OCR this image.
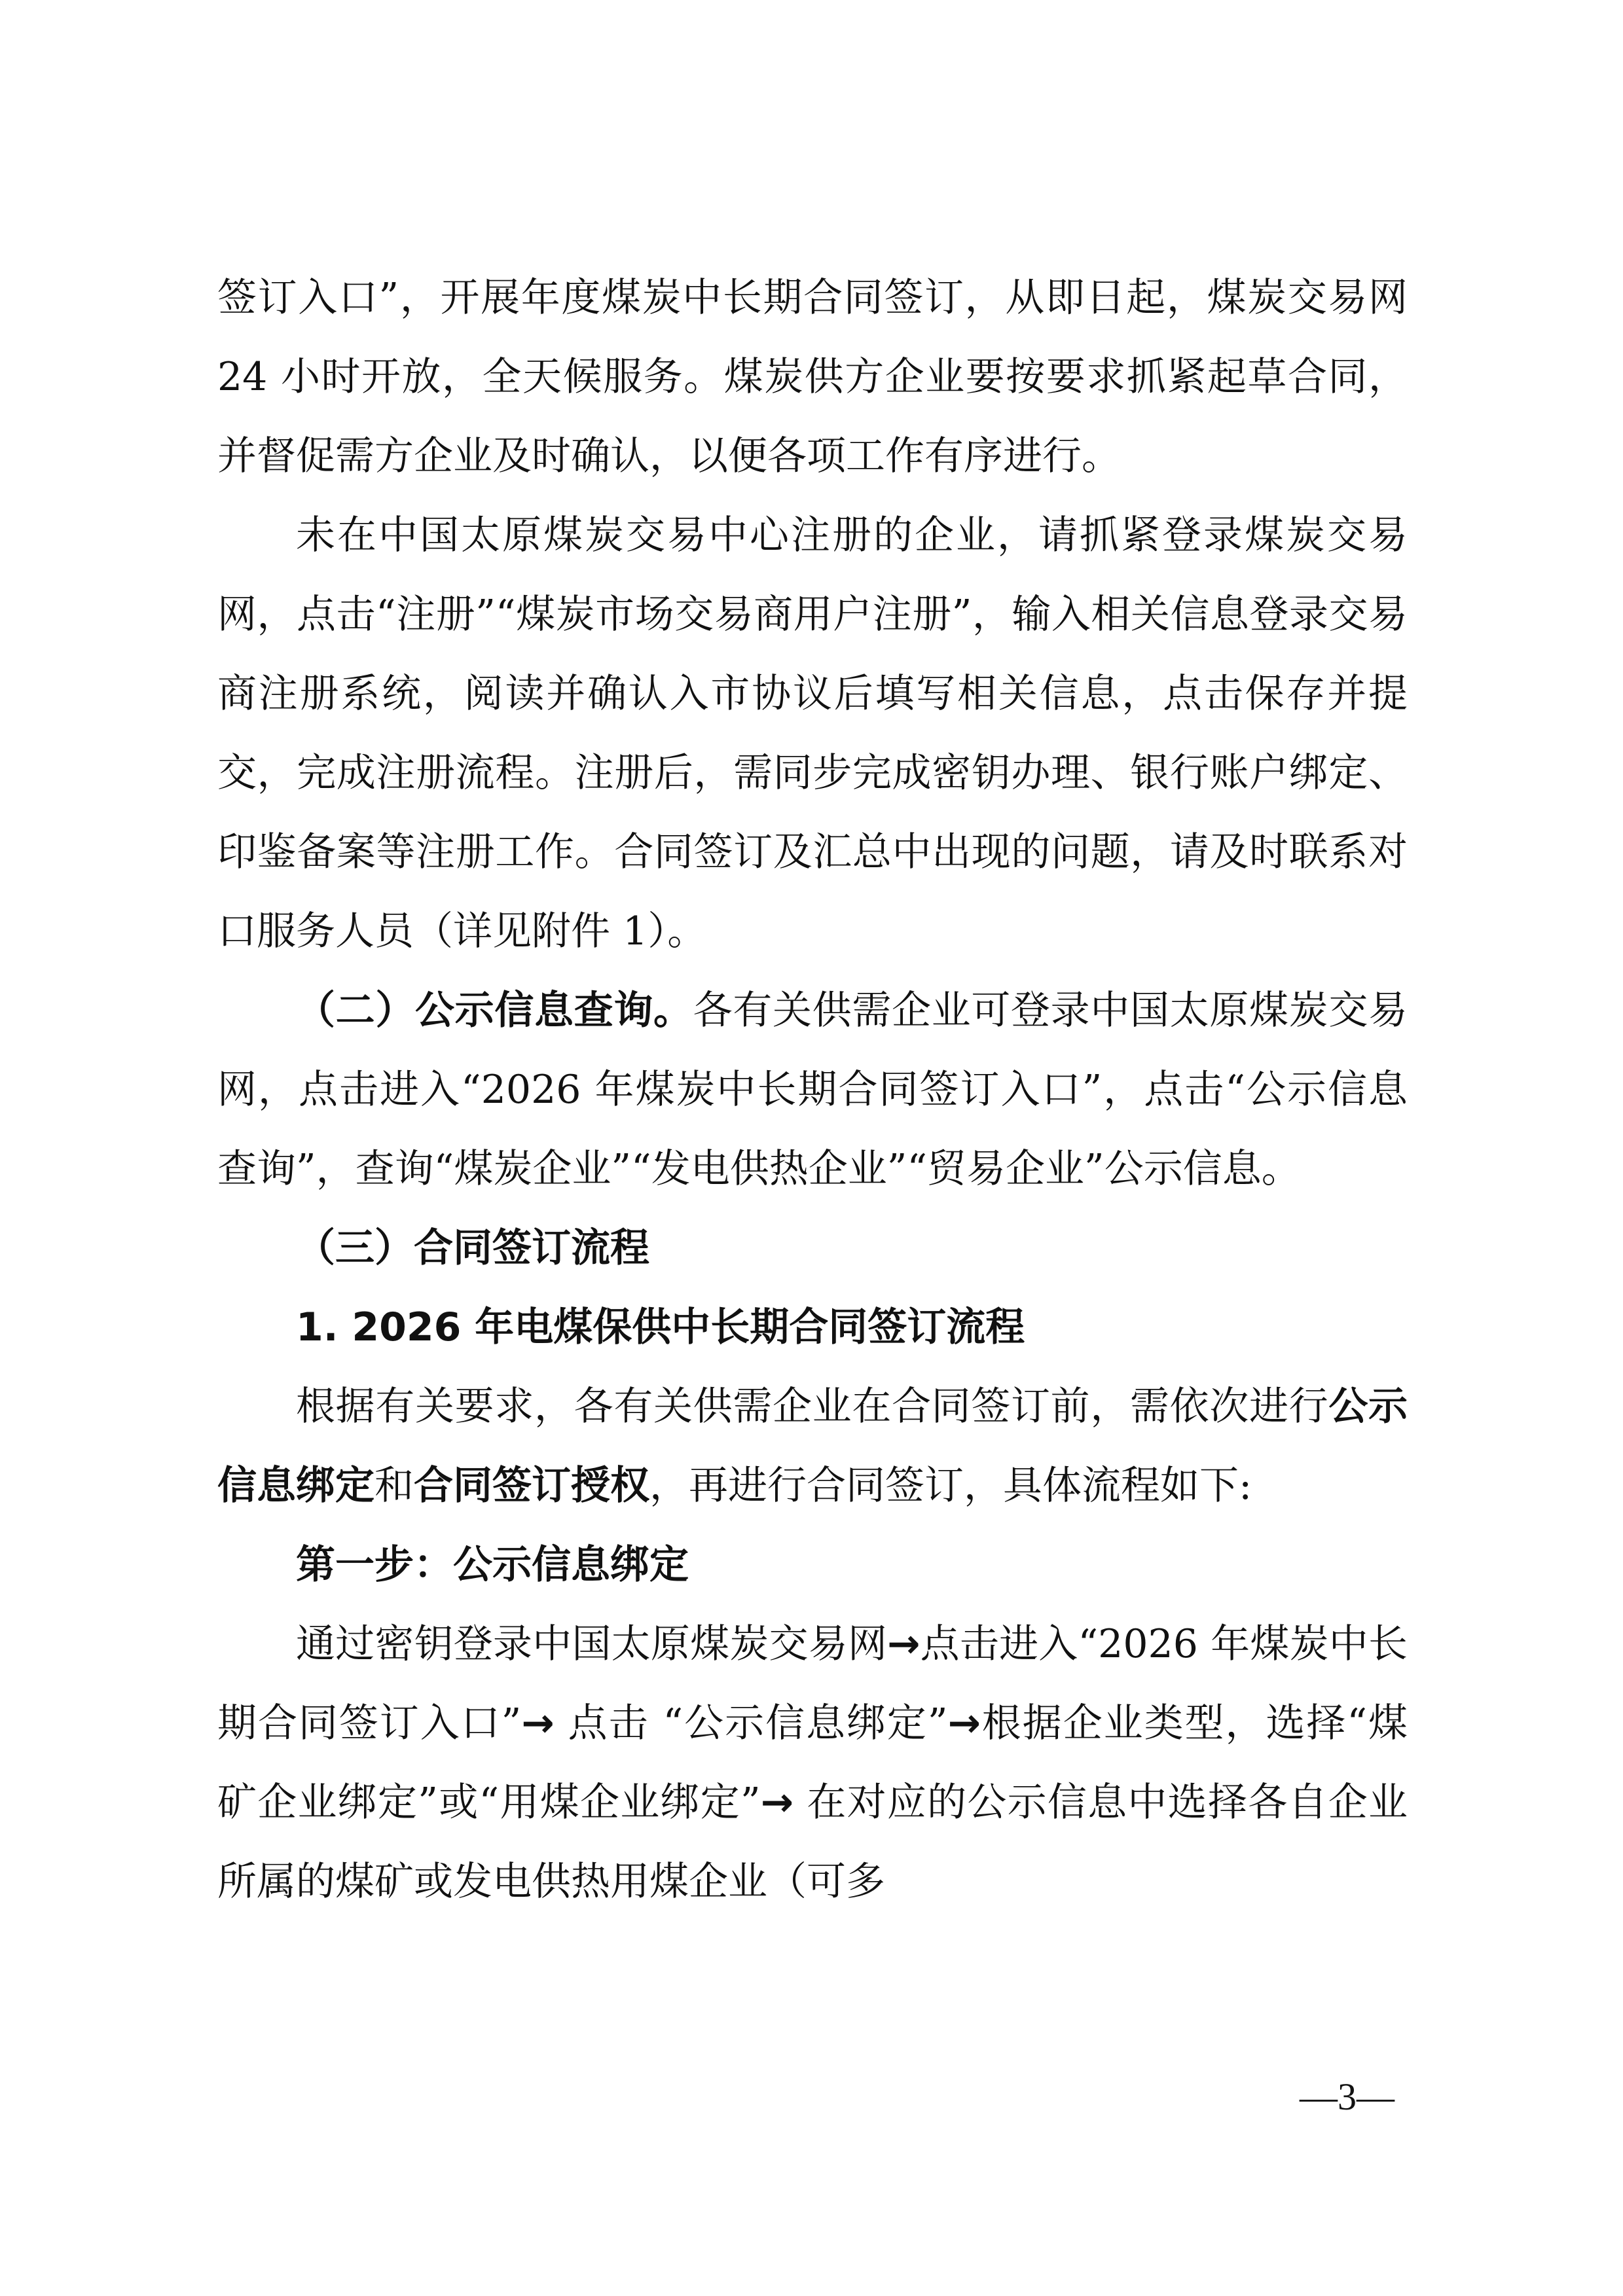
签订入口”，开展年度煤炭中长期合同签订，从即日起，煤炭交易网 24 小时开放，全天候服务。煤炭供方企业要按要求抓紧起草合同，并督促需方企业及时确认，以便各项工作有序进行。

未在中国太原煤炭交易中心注册的企业，请抓紧登录煤炭交易网，点击“注册”“煤炭市场交易商用户注册”，输入相关信息登录交易商注册系统，阅读并确认入市协议后填写相关信息，点击保存并提交，完成注册流程。注册后，需同步完成密钥办理、银行账户绑定、印鉴备案等注册工作。合同签订及汇总中出现的问题，请及时联系对口服务人员（详见附件 1）。

（二）公示信息查询。各有关供需企业可登录中国太原煤炭交易网，点击进入“2026 年煤炭中长期合同签订入口”，点击“公示信息查询”，查询“煤炭企业”“发电供热企业”“贸易企业”公示信息。

（三）合同签订流程

1. 2026 年电煤保供中长期合同签订流程

根据有关要求，各有关供需企业在合同签订前，需依次进行公示信息绑定和合同签订授权，再进行合同签订，具体流程如下:

第一步：公示信息绑定

通过密钥登录中国太原煤炭交易网→点击进入“2026 年煤炭中长期合同签订入口”→ 点击 “公示信息绑定”→根据企业类型，选择“煤矿企业绑定”或“用煤企业绑定”→ 在对应的公示信息中选择各自企业所属的煤矿或发电供热用煤企业（可多

—3—
